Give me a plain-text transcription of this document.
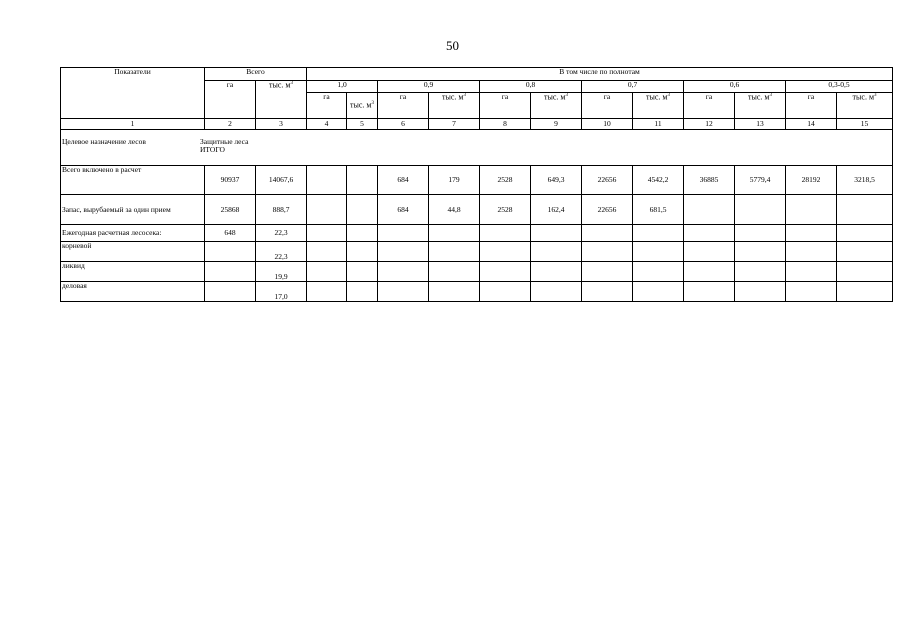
50
Показатели	Всего		В том числе по полнотам											
	га	тыс. $м^3$	1,0		0,9		0,8		0,7		0,6		0,3-0,5	
			га	тыс. $м^3$	га	тыс. $м^3$	га	тыс. $м^3$	га	тыс. $м^3$	га	тыс. $м^3$	га	тыс. $м^3$
1	2	3	4	5	6	7	8	9	10	11	12	13	14	15

Целевое назначение лесов Защитные леса
ИТОГО														

Всего включено в расчет	90937	14067,6			684	179	2528	649,3	22656	4542,2	36885	5779,4	28192	3218,5
Запас, вырубаемый за один прием	25868	888,7			684	44,8	2528	162,4	22656	681,5				
Ежегодная расчетная лесосека:	648	22,3												
корневой		22,3												
ликвид		19,9												
деловая		17,0												
